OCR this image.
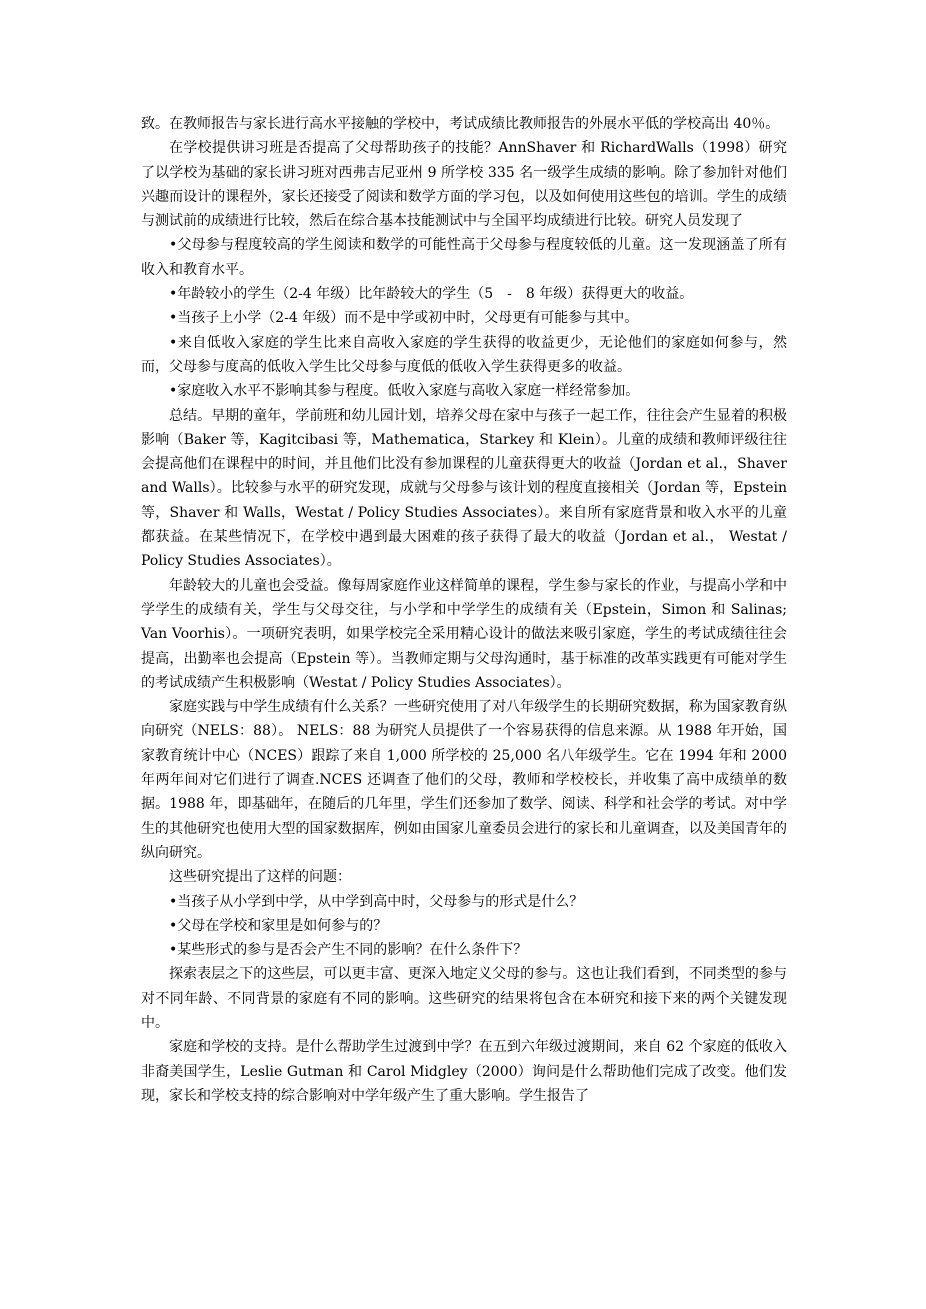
致。在教师报告与家长进行高水平接触的学校中，考试成绩比教师报告的外展水平低的学校高出 40％。

在学校提供讲习班是否提高了父母帮助孩子的技能？AnnShaver 和 RichardWalls（1998）研究了以学校为基础的家长讲习班对西弗吉尼亚州 9 所学校 335 名一级学生成绩的影响。除了参加针对他们兴趣而设计的课程外，家长还接受了阅读和数学方面的学习包，以及如何使用这些包的培训。学生的成绩与测试前的成绩进行比较，然后在综合基本技能测试中与全国平均成绩进行比较。研究人员发现了

•父母参与程度较高的学生阅读和数学的可能性高于父母参与程度较低的儿童。这一发现涵盖了所有收入和教育水平。

•年龄较小的学生（2-4 年级）比年龄较大的学生（5　-　8 年级）获得更大的收益。

•当孩子上小学（2-4 年级）而不是中学或初中时，父母更有可能参与其中。

•来自低收入家庭的学生比来自高收入家庭的学生获得的收益更少，无论他们的家庭如何参与，然而，父母参与度高的低收入学生比父母参与度低的低收入学生获得更多的收益。

•家庭收入水平不影响其参与程度。低收入家庭与高收入家庭一样经常参加。

总结。早期的童年，学前班和幼儿园计划，培养父母在家中与孩子一起工作，往往会产生显着的积极影响（Baker 等，Kagitcibasi 等，Mathematica，Starkey 和 Klein）。儿童的成绩和教师评级往往会提高他们在课程中的时间，并且他们比没有参加课程的儿童获得更大的收益（Jordan et al.，Shaver and Walls）。比较参与水平的研究发现，成就与父母参与该计划的程度直接相关（Jordan 等，Epstein 等，Shaver 和 Walls，Westat / Policy Studies Associates）。来自所有家庭背景和收入水平的儿童都获益。在某些情况下，在学校中遇到最大困难的孩子获得了最大的收益（Jordan et al.， Westat / Policy Studies Associates）。

年龄较大的儿童也会受益。像每周家庭作业这样简单的课程，学生参与家长的作业，与提高小学和中学学生的成绩有关，学生与父母交往，与小学和中学学生的成绩有关（Epstein，Simon 和 Salinas; Van Voorhis）。一项研究表明，如果学校完全采用精心设计的做法来吸引家庭，学生的考试成绩往往会提高，出勤率也会提高（Epstein 等）。当教师定期与父母沟通时，基于标准的改革实践更有可能对学生的考试成绩产生积极影响（Westat / Policy Studies Associates）。

家庭实践与中学生成绩有什么关系？一些研究使用了对八年级学生的长期研究数据，称为国家教育纵向研究（NELS：88）。 NELS：88 为研究人员提供了一个容易获得的信息来源。从 1988 年开始，国家教育统计中心（NCES）跟踪了来自 1,000 所学校的 25,000 名八年级学生。它在 1994 年和 2000 年两年间对它们进行了调查.NCES 还调查了他们的父母，教师和学校校长，并收集了高中成绩单的数据。1988 年，即基础年，在随后的几年里，学生们还参加了数学、阅读、科学和社会学的考试。对中学生的其他研究也使用大型的国家数据库，例如由国家儿童委员会进行的家长和儿童调查，以及美国青年的纵向研究。

这些研究提出了这样的问题：

•当孩子从小学到中学，从中学到高中时，父母参与的形式是什么？

•父母在学校和家里是如何参与的？

•某些形式的参与是否会产生不同的影响？在什么条件下？

探索表层之下的这些层，可以更丰富、更深入地定义父母的参与。这也让我们看到，不同类型的参与对不同年龄、不同背景的家庭有不同的影响。这些研究的结果将包含在本研究和接下来的两个关键发现中。

家庭和学校的支持。是什么帮助学生过渡到中学？在五到六年级过渡期间，来自 62 个家庭的低收入非裔美国学生，Leslie Gutman 和 Carol Midgley（2000）询问是什么帮助他们完成了改变。他们发现，家长和学校支持的综合影响对中学年级产生了重大影响。学生报告了
